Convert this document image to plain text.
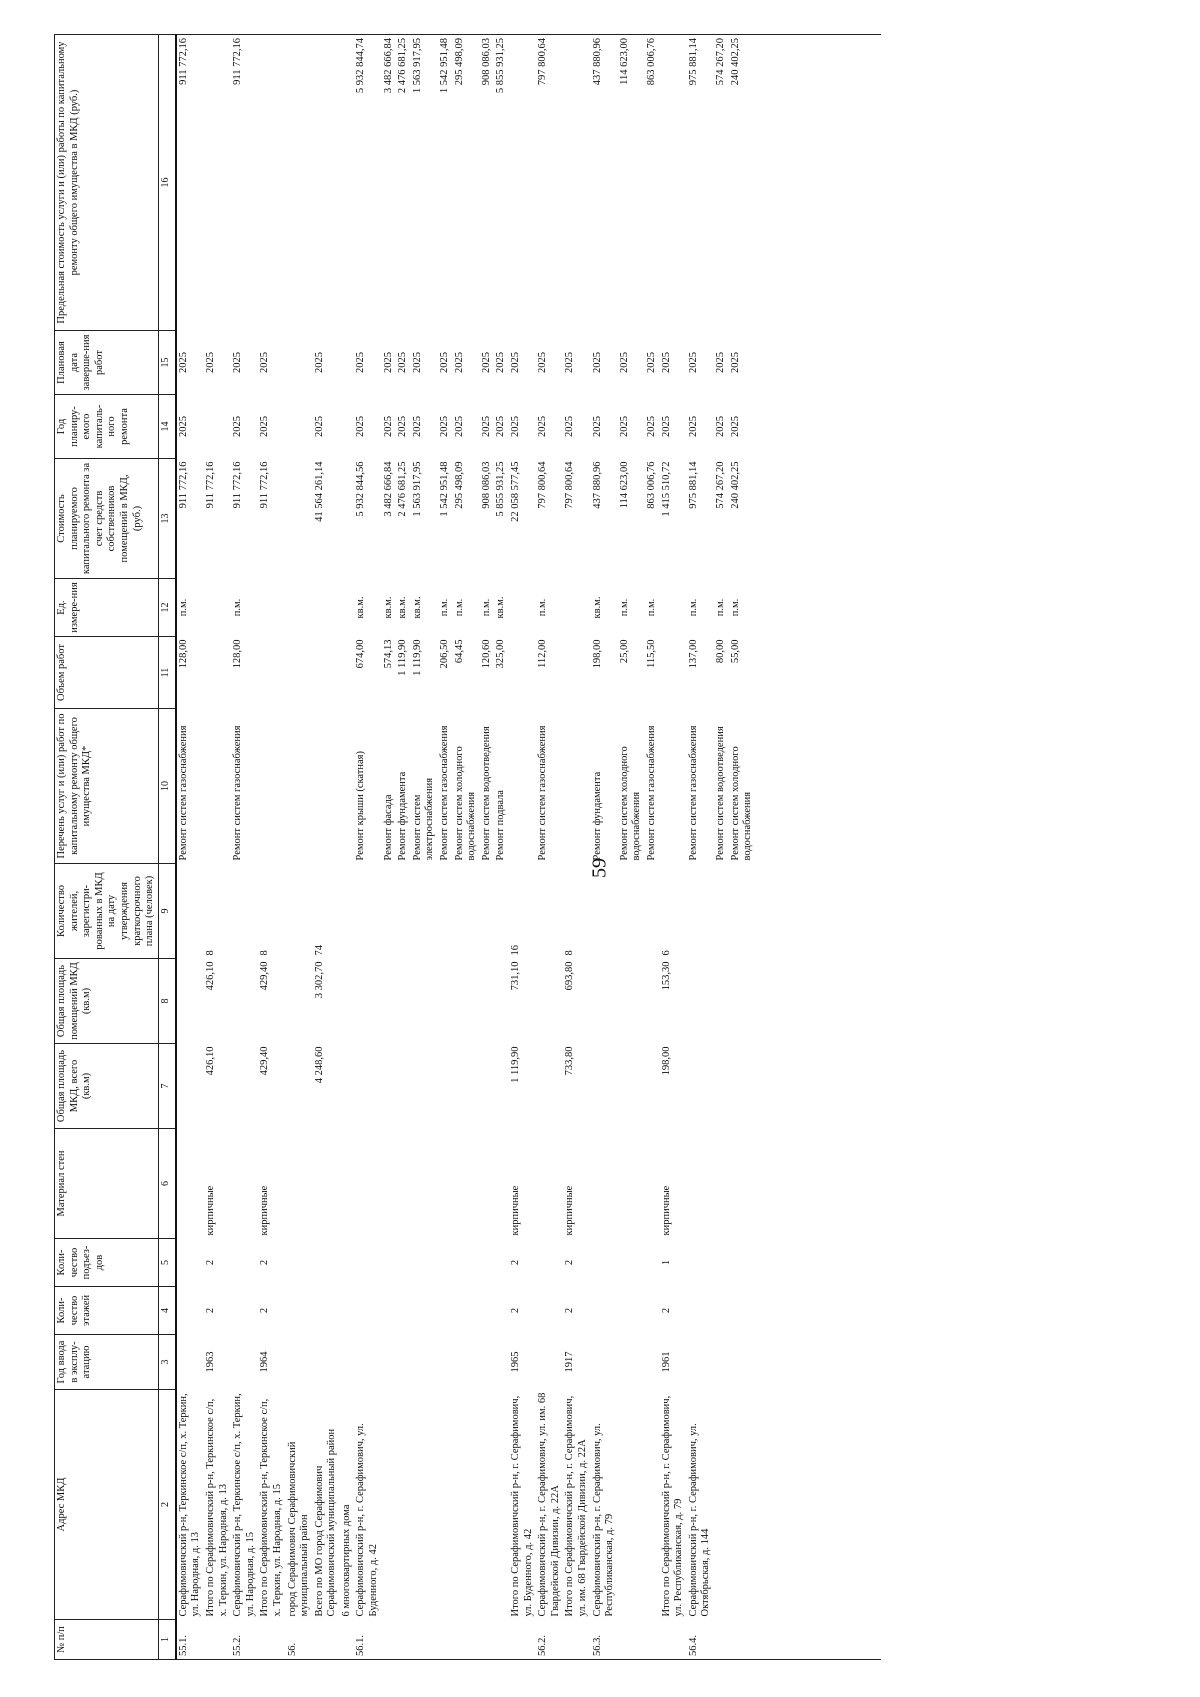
59
№ п/п	Адрес МКД	Год ввода в эксплу-атацию	Коли-чество этажей	Коли-чество подъез-дов	Материал стен	Общая площадь МКД, всего (кв.м)	Общая площадь помещений МКД (кв.м)	Количество жителей, зарегистри-рованных в МКД на дату утверждения краткосрочного плана (человек)	Перечень услуг и (или) работ по капитальному ремонту общего имущества МКД*	Объем работ	Ед. измере-ния	Стоимость планируемого капитального ремонта за счет средств собственников помещений в МКД, (руб.)	Год планиру-емого капиталь-ного ремонта	Плановая дата заверше-ния работ	Предельная стоимость услуги и (или) работы по капитальному ремонту общего имущества в МКД (руб.)
1	2	3	4	5	6	7	8	9	10	11	12	13	14	15	16
55.1.	Серафимовичский р-н, Теркинское с/п, х. Теркин, ул. Народная, д. 13								Ремонт систем газоснабжения	128,00	п.м.	911 772,16	2025	2025	911 772,16
	Итого по Серафимовичский р-н, Теркинское с/п, х. Теркин, ул. Народная, д. 13	1963	2	2	кирпичные	426,10	426,10	8				911 772,16		2025	
55.2.	Серафимовичский р-н, Теркинское с/п, х. Теркин, ул. Народная, д. 15								Ремонт систем газоснабжения	128,00	п.м.	911 772,16	2025	2025	911 772,16
	Итого по Серафимовичский р-н, Теркинское с/п, х. Теркин, ул. Народная, д. 15	1964	2	2	кирпичные	429,40	429,40	8				911 772,16	2025	2025	
56.	город Серафимович Серафимовичский муниципальный район														
	Всего по МО город Серафимович Серафимовичский муниципальный район					4 248,60	3 302,70	74				41 564 261,14	2025	2025	
	6 многоквартирных дома														
56.1.	Серафимовичский р-н, г. Серафимович, ул. Буденного, д. 42								Ремонт крыши (скатная)	674,00	кв.м.	5 932 844,56	2025	2025	5 932 844,74
									Ремонт фасада	574,13	кв.м.	3 482 666,84	2025	2025	3 482 666,84
									Ремонт фундамента	1 119,90	кв.м.	2 476 681,25	2025	2025	2 476 681,25
									Ремонт систем электроснабжения	1 119,90	кв.м.	1 563 917,95	2025	2025	1 563 917,95
									Ремонт систем газоснабжения	206,50	п.м.	1 542 951,48	2025	2025	1 542 951,48
									Ремонт систем холодного водоснабжения	64,45	п.м.	295 498,09	2025	2025	295 498,09
									Ремонт систем водоотведения	120,60	п.м.	908 086,03	2025	2025	908 086,03
									Ремонт подвала	325,00	кв.м.	5 855 931,25	2025	2025	5 855 931,25
	Итого по Серафимовичский р-н, г. Серафимович, ул. Буденного, д. 42	1965	2	2	кирпичные	1 119,90	731,10	16				22 058 577,45	2025	2025	
56.2.	Серафимовичский р-н, г. Серафимович, ул. им. 68 Гвардейской Дивизии, д. 22А								Ремонт систем газоснабжения	112,00	п.м.	797 800,64	2025	2025	797 800,64
	Итого по Серафимовичский р-н, г. Серафимович, ул. им. 68 Гвардейской Дивизии, д. 22А	1917	2	2	кирпичные	733,80	693,80	8				797 800,64	2025	2025	
56.3.	Серафимовичский р-н, г. Серафимович, ул. Республиканская, д. 79								Ремонт фундамента	198,00	кв.м.	437 880,96	2025	2025	437 880,96
									Ремонт систем холодного водоснабжения	25,00	п.м.	114 623,00	2025	2025	114 623,00
									Ремонт систем газоснабжения	115,50	п.м.	863 006,76	2025	2025	863 006,76
	Итого по Серафимовичский р-н, г. Серафимович, ул. Республиканская, д. 79	1961	2	1	кирпичные	198,00	153,30	6				1 415 510,72	2025	2025	
56.4.	Серафимовичский р-н, г. Серафимович, ул. Октябрьская, д. 144								Ремонт систем газоснабжения	137,00	п.м.	975 881,14	2025	2025	975 881,14
									Ремонт систем водоотведения	80,00	п.м.	574 267,20	2025	2025	574 267,20
									Ремонт систем холодного водоснабжения	55,00	п.м.	240 402,25	2025	2025	240 402,25
